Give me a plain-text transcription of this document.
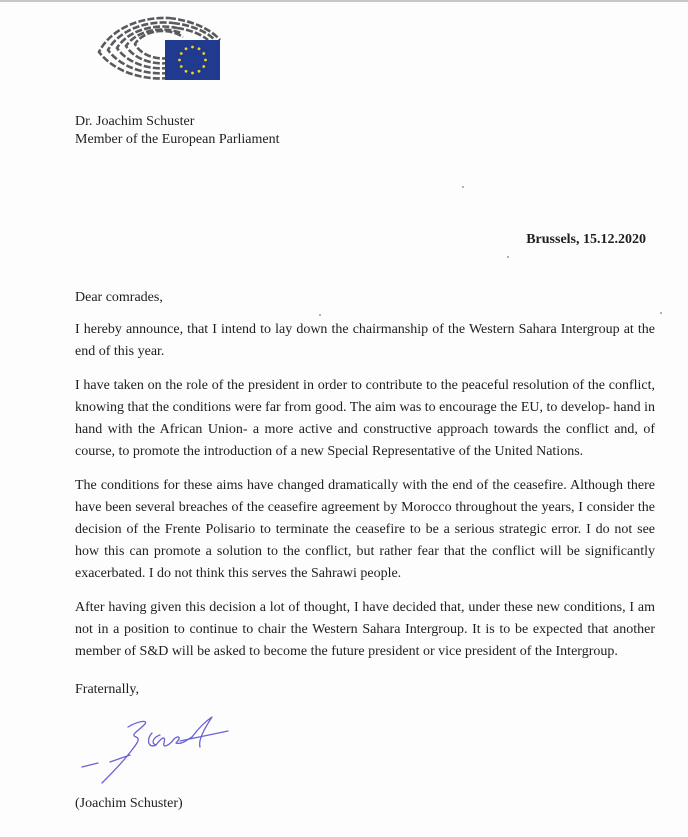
Dr. Joachim Schuster
Member of the European Parliament
Brussels, 15.12.2020

Dear comrades,

I hereby announce, that I intend to lay down the chairmanship of the Western Sahara Intergroup at the end of this year.

I have taken on the role of the president in order to contribute to the peaceful resolution of the conflict, knowing that the conditions were far from good. The aim was to encourage the EU, to develop- hand in hand with the African Union- a more active and constructive approach towards the conflict and, of course, to promote the introduction of a new Special Representative of the United Nations.

The conditions for these aims have changed dramatically with the end of the ceasefire. Although there have been several breaches of the ceasefire agreement by Morocco throughout the years, I consider the decision of the Frente Polisario to terminate the ceasefire to be a serious strategic error. I do not see how this can promote a solution to the conflict, but rather fear that the conflict will be significantly exacerbated. I do not think this serves the Sahrawi people.

After having given this decision a lot of thought, I have decided that, under these new conditions, I am not in a position to continue to chair the Western Sahara Intergroup. It is to be expected that another member of S&D will be asked to become the future president or vice president of the Intergroup.

Fraternally,
(Joachim Schuster)
